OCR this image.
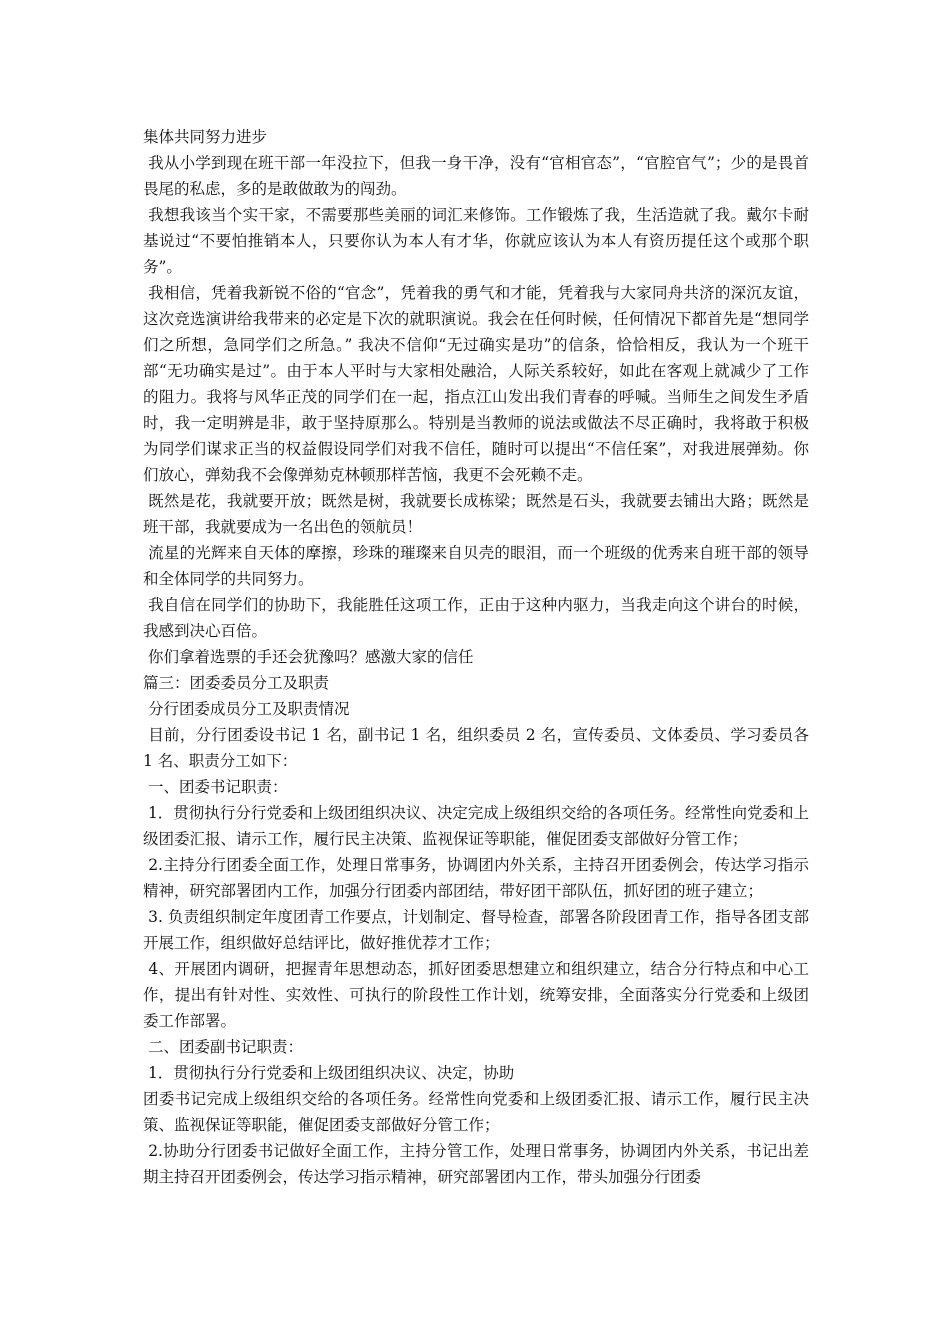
集体共同努力进步

我从小学到现在班干部一年没拉下，但我一身干净，没有“官相官态”，“官腔官气”；少的是畏首畏尾的私虑，多的是敢做敢为的闯劲。

我想我该当个实干家，不需要那些美丽的词汇来修饰。工作锻炼了我，生活造就了我。戴尔卡耐基说过“不要怕推销本人，只要你认为本人有才华，你就应该认为本人有资历提任这个或那个职务”。

我相信，凭着我新锐不俗的“官念”，凭着我的勇气和才能，凭着我与大家同舟共济的深沉友谊，这次竞选演讲给我带来的必定是下次的就职演说。我会在任何时候，任何情况下都首先是“想同学们之所想，急同学们之所急。” 我决不信仰“无过确实是功”的信条，恰恰相反，我认为一个班干部“无功确实是过”。由于本人平时与大家相处融洽，人际关系较好，如此在客观上就减少了工作的阻力。我将与风华正茂的同学们在一起，指点江山发出我们青春的呼喊。当师生之间发生矛盾时，我一定明辨是非，敢于坚持原那么。特别是当教师的说法或做法不尽正确时，我将敢于积极为同学们谋求正当的权益假设同学们对我不信任，随时可以提出“不信任案”，对我进展弹劾。你们放心，弹劾我不会像弹劾克林顿那样苦恼，我更不会死赖不走。

既然是花，我就要开放；既然是树，我就要长成栋梁；既然是石头，我就要去铺出大路；既然是班干部，我就要成为一名出色的领航员！

流星的光辉来自天体的摩擦，珍珠的璀璨来自贝壳的眼泪，而一个班级的优秀来自班干部的领导和全体同学的共同努力。

我自信在同学们的协助下，我能胜任这项工作，正由于这种内驱力，当我走向这个讲台的时候，我感到决心百倍。

你们拿着选票的手还会犹豫吗？感激大家的信任

篇三：团委委员分工及职责

分行团委成员分工及职责情况

目前，分行团委设书记 1 名，副书记 1 名，组织委员 2 名，宣传委员、文体委员、学习委员各 1 名、职责分工如下：

一、团委书记职责：

1．贯彻执行分行党委和上级团组织决议、决定完成上级组织交给的各项任务。经常性向党委和上级团委汇报、请示工作，履行民主决策、监视保证等职能，催促团委支部做好分管工作；

2.主持分行团委全面工作，处理日常事务，协调团内外关系，主持召开团委例会，传达学习指示精神，研究部署团内工作，加强分行团委内部团结，带好团干部队伍，抓好团的班子建立；

3. 负责组织制定年度团青工作要点，计划制定、督导检查，部署各阶段团青工作，指导各团支部开展工作，组织做好总结评比，做好推优荐才工作；

4、开展团内调研，把握青年思想动态，抓好团委思想建立和组织建立，结合分行特点和中心工作，提出有针对性、实效性、可执行的阶段性工作计划，统筹安排，全面落实分行党委和上级团委工作部署。

二、团委副书记职责：

1．贯彻执行分行党委和上级团组织决议、决定，协助

团委书记完成上级组织交给的各项任务。经常性向党委和上级团委汇报、请示工作，履行民主决策、监视保证等职能，催促团委支部做好分管工作；

2.协助分行团委书记做好全面工作，主持分管工作，处理日常事务，协调团内外关系，书记出差期主持召开团委例会，传达学习指示精神，研究部署团内工作，带头加强分行团委
